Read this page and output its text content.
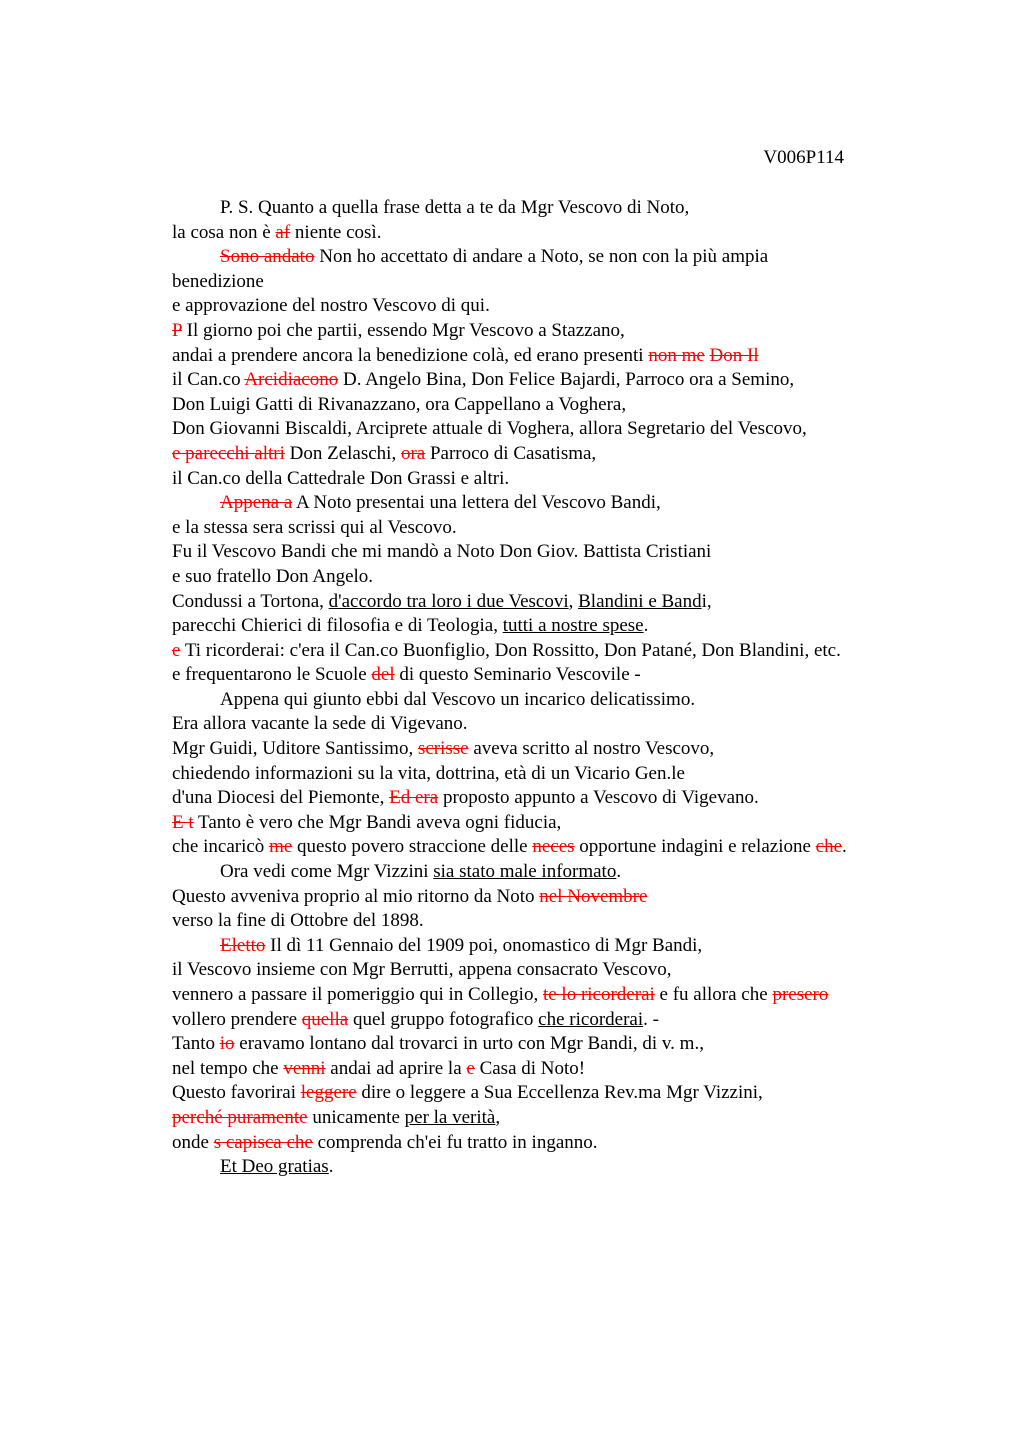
V006P114
P. S. Quanto a quella frase detta a te da Mgr Vescovo di Noto,
la cosa non è af niente così.
Sono andato Non ho accettato di andare a Noto, se non con la più ampia
benedizione
e approvazione del nostro Vescovo di qui.
P Il giorno poi che partii, essendo Mgr Vescovo a Stazzano,
andai a prendere ancora la benedizione colà, ed erano presenti non me Don Il
il Can.co Arcidiacono D. Angelo Bina, Don Felice Bajardi, Parroco ora a Semino,
Don Luigi Gatti di Rivanazzano, ora Cappellano a Voghera,
Don Giovanni Biscaldi, Arciprete attuale di Voghera, allora Segretario del Vescovo,
e parecchi altri Don Zelaschi, ora Parroco di Casatisma,
il Can.co della Cattedrale Don Grassi e altri.
Appena a A Noto presentai una lettera del Vescovo Bandi,
e la stessa sera scrissi qui al Vescovo.
Fu il Vescovo Bandi che mi mandò a Noto Don Giov. Battista Cristiani
e suo fratello Don Angelo.
Condussi a Tortona, d'accordo tra loro i due Vescovi, Blandini e Bandi,
parecchi Chierici di filosofia e di Teologia, tutti a nostre spese.
e Ti ricorderai: c'era il Can.co Buonfiglio, Don Rossitto, Don Patané, Don Blandini, etc.
e frequentarono le Scuole del di questo Seminario Vescovile -
Appena qui giunto ebbi dal Vescovo un incarico delicatissimo.
Era allora vacante la sede di Vigevano.
Mgr Guidi, Uditore Santissimo, scrisse aveva scritto al nostro Vescovo,
chiedendo informazioni su la vita, dottrina, età di un Vicario Gen.le
d'una Diocesi del Piemonte, Ed era proposto appunto a Vescovo di Vigevano.
E t Tanto è vero che Mgr Bandi aveva ogni fiducia,
che incaricò me questo povero straccione delle neces opportune indagini e relazione che.
Ora vedi come Mgr Vizzini sia stato male informato.
Questo avveniva proprio al mio ritorno da Noto nel Novembre
verso la fine di Ottobre del 1898.
Eletto Il dì 11 Gennaio del 1909 poi, onomastico di Mgr Bandi,
il Vescovo insieme con Mgr Berrutti, appena consacrato Vescovo,
vennero a passare il pomeriggio qui in Collegio, te lo ricorderai e fu allora che presero
vollero prendere quella quel gruppo fotografico che ricorderai. -
Tanto io eravamo lontano dal trovarci in urto con Mgr Bandi, di v. m.,
nel tempo che venni andai ad aprire la e Casa di Noto!
Questo favorirai leggere dire o leggere a Sua Eccellenza Rev.ma Mgr Vizzini,
perché puramente unicamente per la verità,
onde s capisca che comprenda ch'ei fu tratto in inganno.
Et Deo gratias.
